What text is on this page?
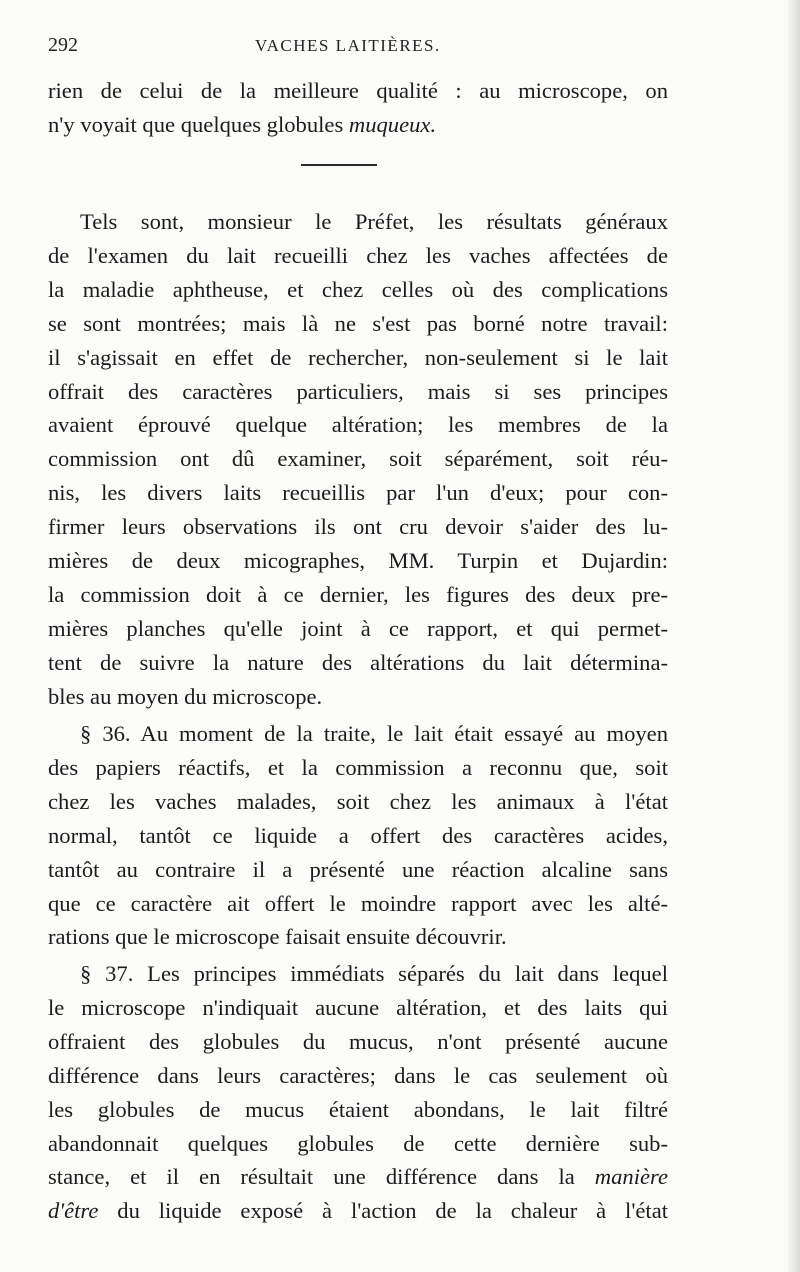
292	VACHES LAITIÈRES.
rien de celui de la meilleure qualité : au microscope, on
n'y voyait que quelques globules muqueux.
Tels sont, monsieur le Préfet, les résultats généraux
de l'examen du lait recueilli chez les vaches affectées de
la maladie aphtheuse, et chez celles où des complications
se sont montrées; mais là ne s'est pas borné notre travail:
il s'agissait en effet de rechercher, non-seulement si le lait
offrait des caractères particuliers, mais si ses principes
avaient éprouvé quelque altération; les membres de la
commission ont dû examiner, soit séparément, soit réu-
nis, les divers laits recueillis par l'un d'eux; pour con-
firmer leurs observations ils ont cru devoir s'aider des lu-
mières de deux micographes, MM. Turpin et Dujardin:
la commission doit à ce dernier, les figures des deux pre-
mières planches qu'elle joint à ce rapport, et qui permet-
tent de suivre la nature des altérations du lait détermina-
bles au moyen du microscope.
§ 36. Au moment de la traite, le lait était essayé au moyen
des papiers réactifs, et la commission a reconnu que, soit
chez les vaches malades, soit chez les animaux à l'état
normal, tantôt ce liquide a offert des caractères acides,
tantôt au contraire il a présenté une réaction alcaline sans
que ce caractère ait offert le moindre rapport avec les alté-
rations que le microscope faisait ensuite découvrir.
§ 37. Les principes immédiats séparés du lait dans lequel
le microscope n'indiquait aucune altération, et des laits qui
offraient des globules du mucus, n'ont présenté aucune
différence dans leurs caractères; dans le cas seulement où
les globules de mucus étaient abondans, le lait filtré
abandonnait quelques globules de cette dernière sub-
stance, et il en résultait une différence dans la manière
d'être du liquide exposé à l'action de la chaleur à l'état
